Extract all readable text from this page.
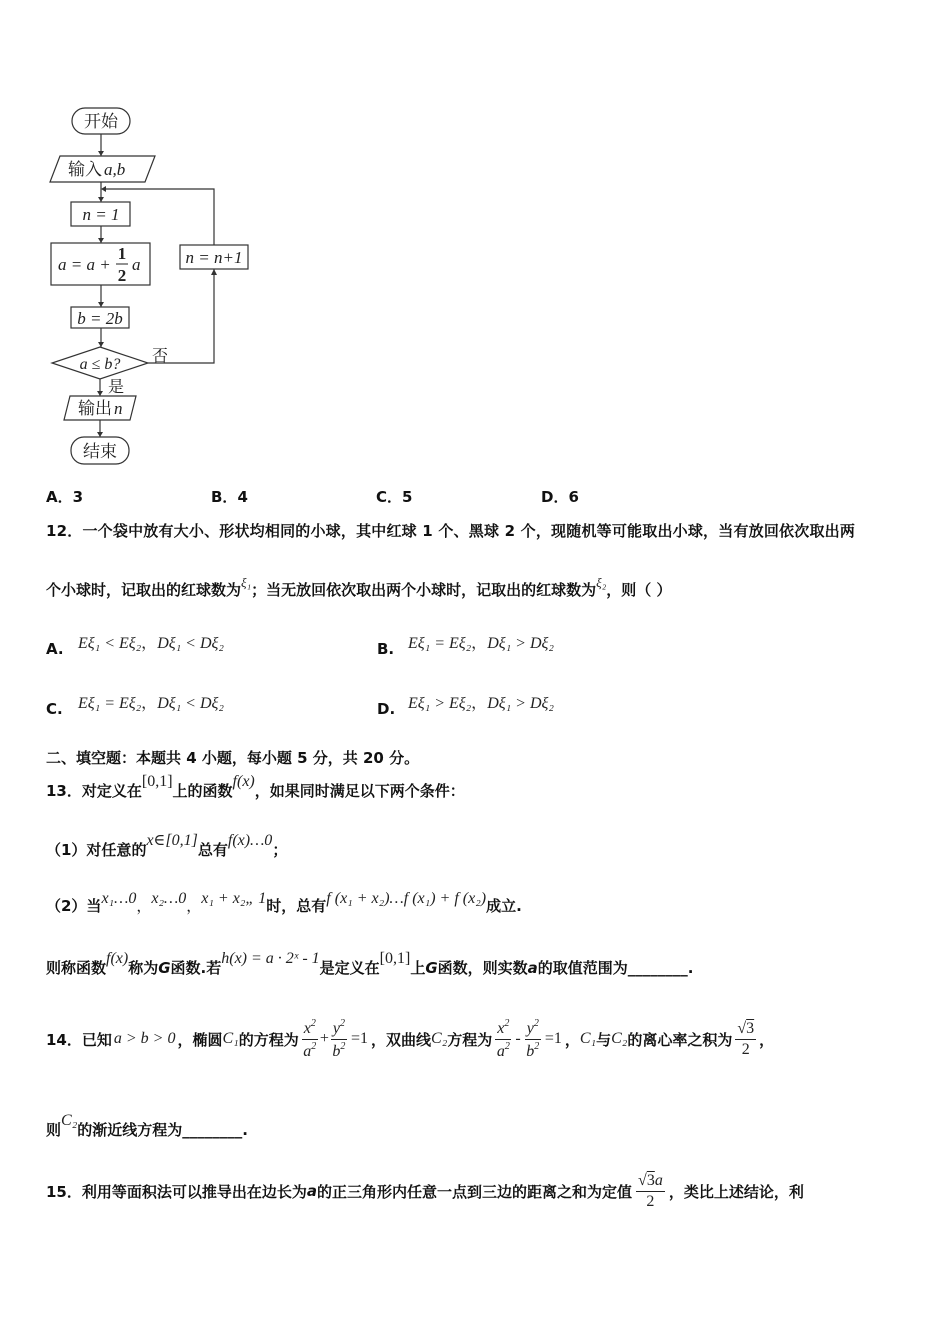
开始
输入 a,b
n = 1
a = a +
1
2
a
b = 2b
a ≤ b? 否
是
输出 n
结束
n = n+1
A．3	B．4	C．5	D．6
12．一个袋中放有大小、形状均相同的小球，其中红球 1 个、黑球 2 个，现随机等可能取出小球，当有放回依次取出两
个小球时，记取出的红球数为ξ₁；当无放回依次取出两个小球时，记取出的红球数为ξ₂，则（ ）
A. Eξ₁ < Eξ₂，Dξ₁ < Dξ₂	B. Eξ₁ = Eξ₂，Dξ₁ > Dξ₂
C. Eξ₁ = Eξ₂，Dξ₁ < Dξ₂	D. Eξ₁ > Eξ₂，Dξ₁ > Dξ₂
二、填空题：本题共 4 小题，每小题 5 分，共 20 分。
13．对定义在[0,1]上的函数f(x)，如果同时满足以下两个条件：
（1）对任意的x∈[0,1]总有f(x)…0；
（2）当x₁…0，x₂…0，x₁ + x₂„ 1时，总有f (x₁ + x₂)…f (x₁) + f (x₂)成立.
则称函数f(x)称为G函数.若h(x) = a · 2ˣ - 1是定义在[0,1]上G函数，则实数a的取值范围为________.
14．已知 a > b > 0 ，椭圆 C₁ 的方程为 $\frac{x^2}{a^2} + \frac{y^2}{b^2} =1$ ，双曲线 C₂ 方程为 $\frac{x^2}{a^2} - \frac{y^2}{b^2} =1$ ， C₁ 与 C₂ 的离心率之积为 $\frac{√3}{2}$ ，
则C₂的渐近线方程为________.
15．利用等面积法可以推导出在边长为 a 的正三角形内任意一点到三边的距离之和为定值 $\frac{√3a}{2}$ ，类比上述结论，利
